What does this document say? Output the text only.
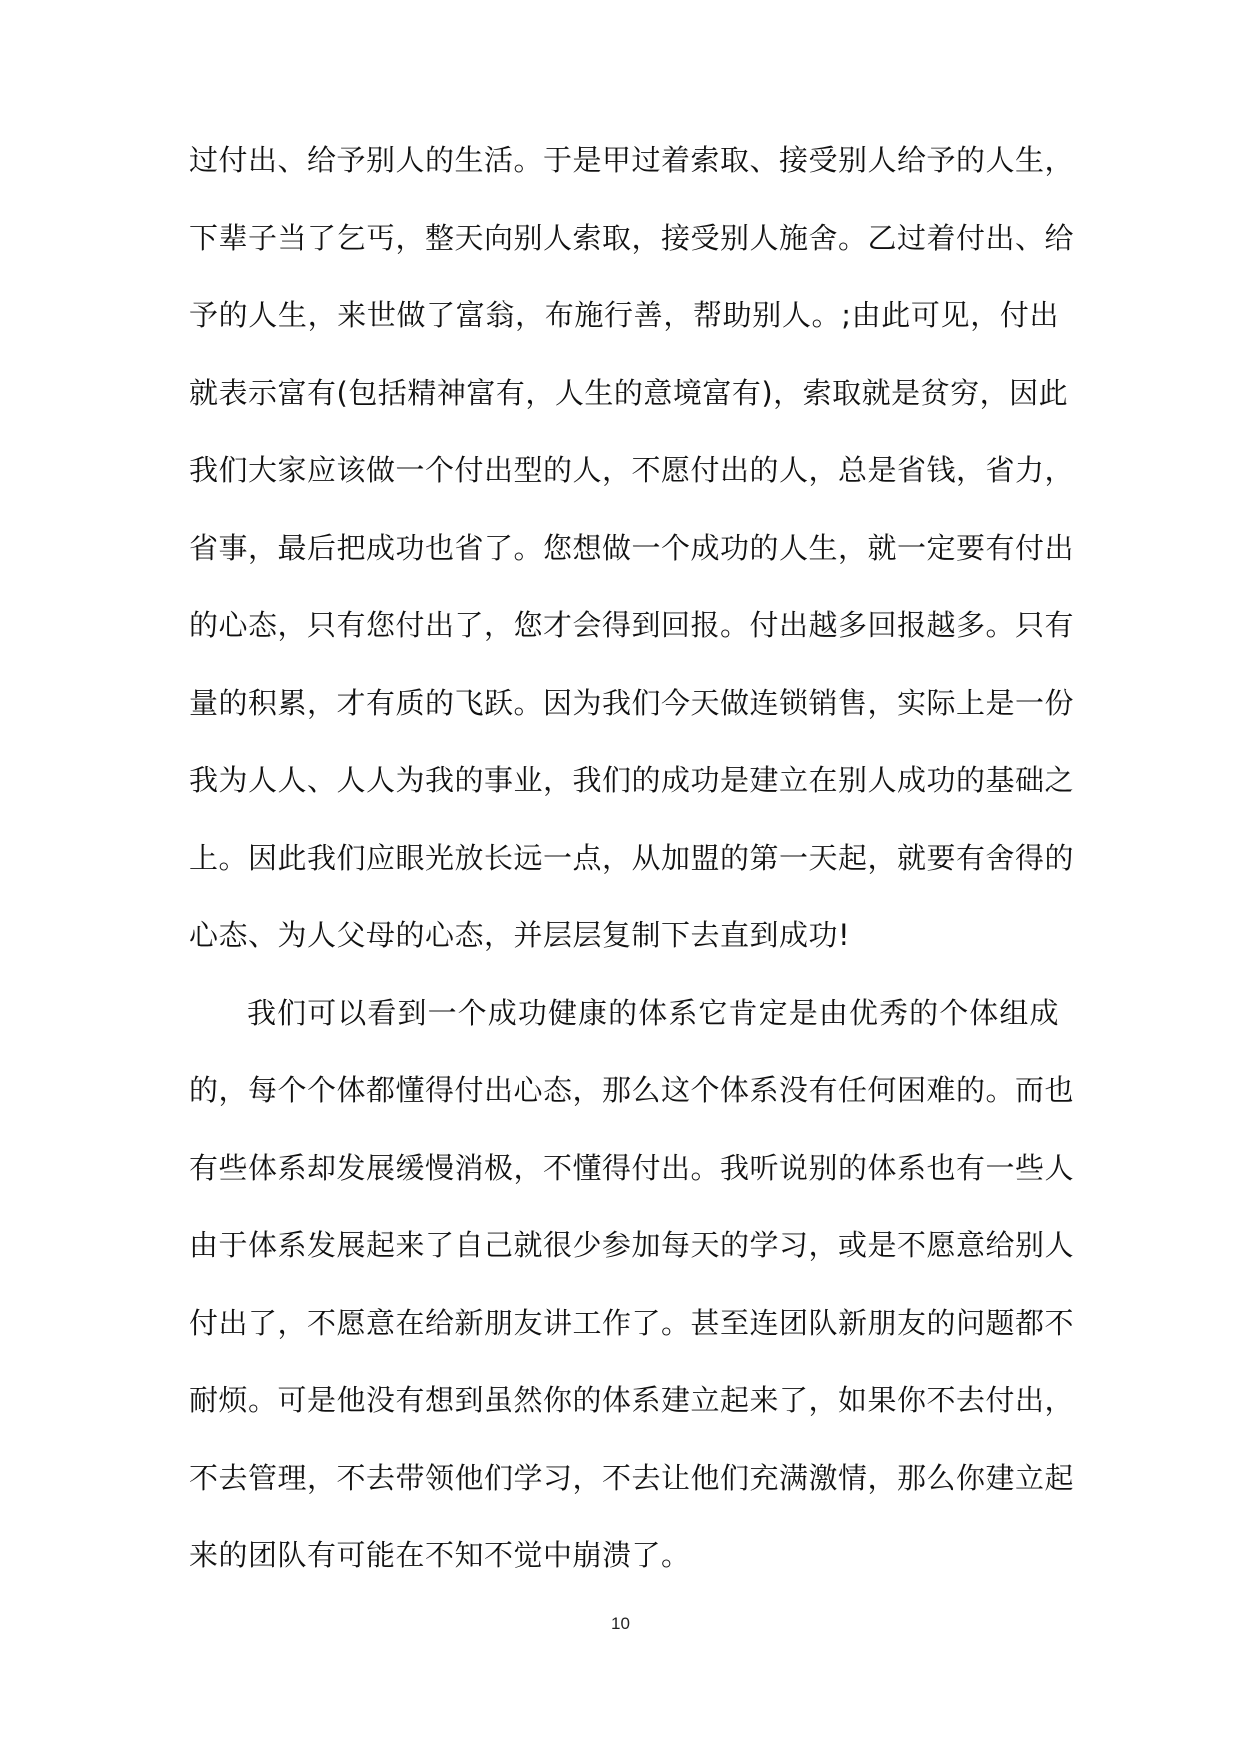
过付出、给予别人的生活。于是甲过着索取、接受别人给予的人生，
下辈子当了乞丐，整天向别人索取，接受别人施舍。乙过着付出、给
予的人生，来世做了富翁，布施行善，帮助别人。;由此可见，付出
就表示富有(包括精神富有，人生的意境富有)，索取就是贫穷，因此
我们大家应该做一个付出型的人，不愿付出的人，总是省钱，省力，
省事，最后把成功也省了。您想做一个成功的人生，就一定要有付出
的心态，只有您付出了，您才会得到回报。付出越多回报越多。只有
量的积累，才有质的飞跃。因为我们今天做连锁销售，实际上是一份
我为人人、人人为我的事业，我们的成功是建立在别人成功的基础之
上。因此我们应眼光放长远一点，从加盟的第一天起，就要有舍得的
心态、为人父母的心态，并层层复制下去直到成功!
我们可以看到一个成功健康的体系它肯定是由优秀的个体组成
的，每个个体都懂得付出心态，那么这个体系没有任何困难的。而也
有些体系却发展缓慢消极，不懂得付出。我听说别的体系也有一些人
由于体系发展起来了自己就很少参加每天的学习，或是不愿意给别人
付出了，不愿意在给新朋友讲工作了。甚至连团队新朋友的问题都不
耐烦。可是他没有想到虽然你的体系建立起来了，如果你不去付出，
不去管理，不去带领他们学习，不去让他们充满激情，那么你建立起
来的团队有可能在不知不觉中崩溃了。
10
